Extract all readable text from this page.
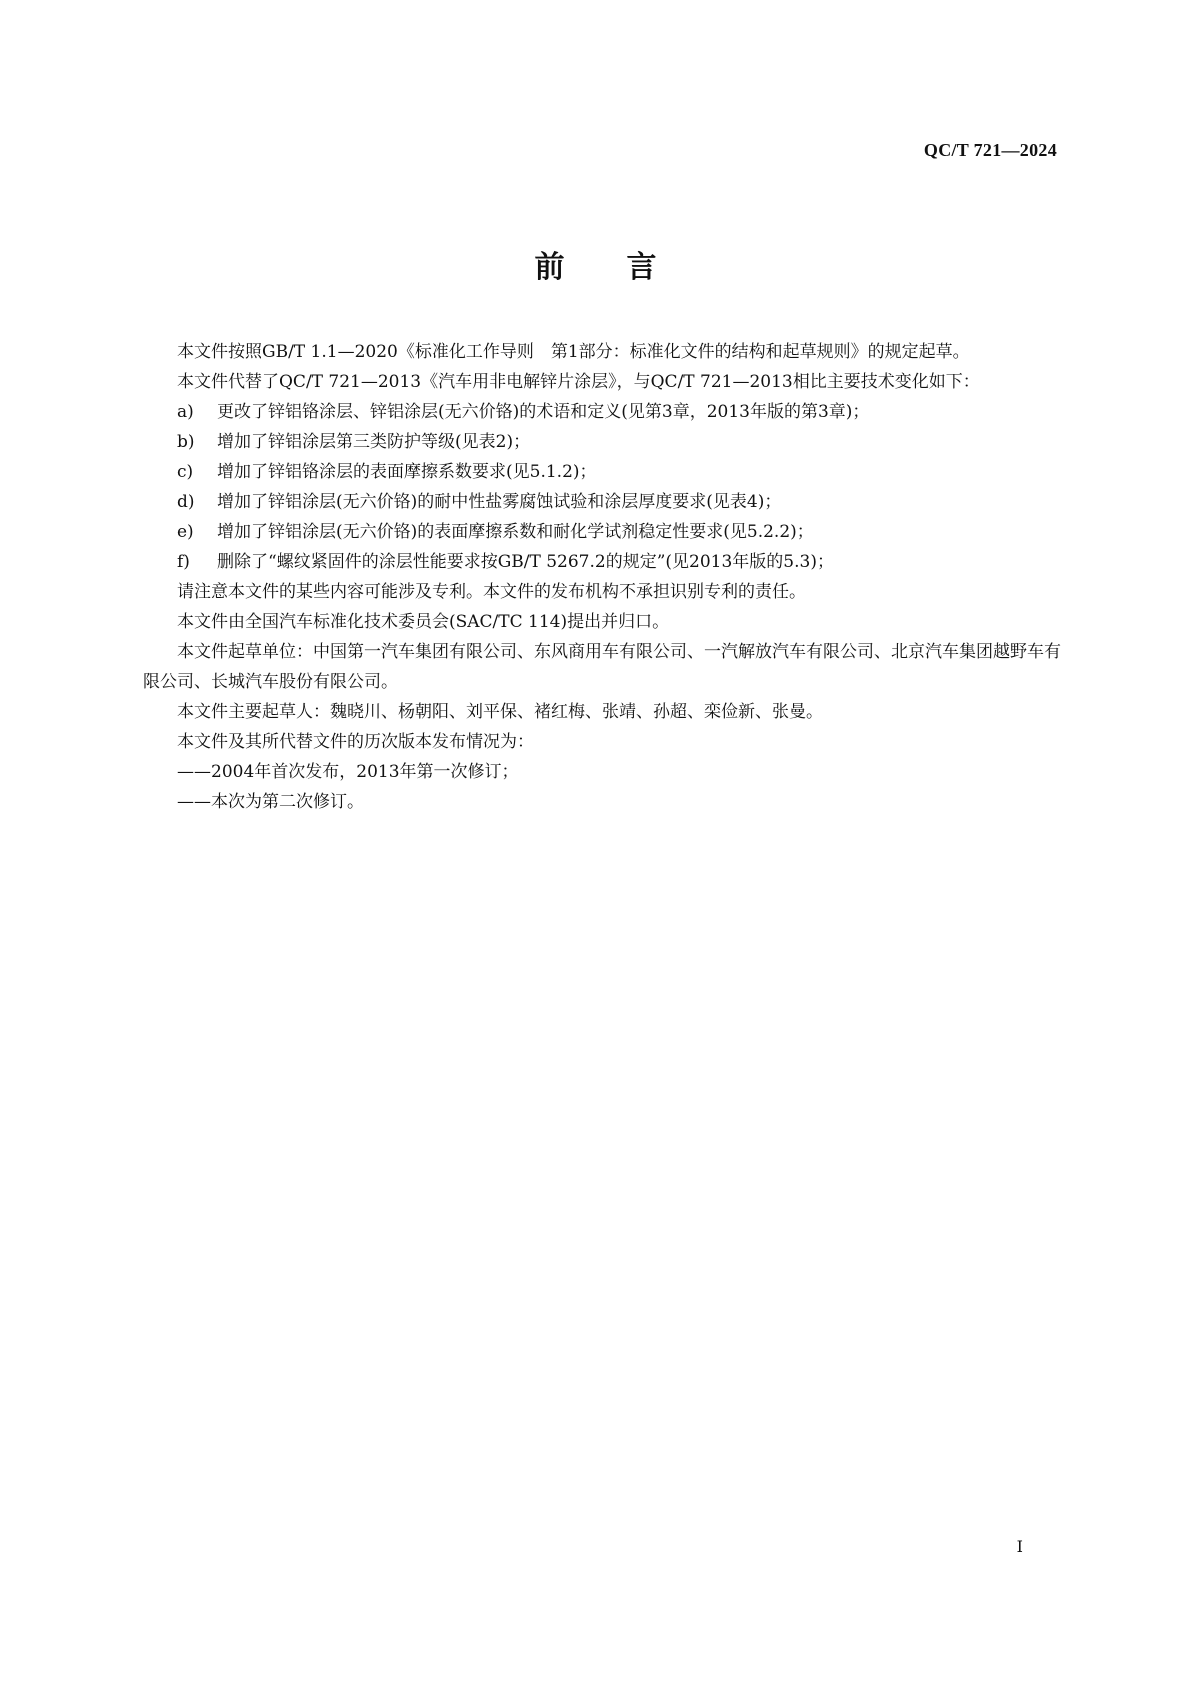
QC/T 721—2024
前 言

本文件按照GB/T 1.1—2020《标准化工作导则　第1部分：标准化文件的结构和起草规则》的规定起草。

本文件代替了QC/T 721—2013《汽车用非电解锌片涂层》，与QC/T 721—2013相比主要技术变化如下：

a)	更改了锌铝铬涂层、锌铝涂层(无六价铬)的术语和定义(见第3章，2013年版的第3章)；
b)	增加了锌铝涂层第三类防护等级(见表2)；
c)	增加了锌铝铬涂层的表面摩擦系数要求(见5.1.2)；
d)	增加了锌铝涂层(无六价铬)的耐中性盐雾腐蚀试验和涂层厚度要求(见表4)；
e)	增加了锌铝涂层(无六价铬)的表面摩擦系数和耐化学试剂稳定性要求(见5.2.2)；
f)	删除了“螺纹紧固件的涂层性能要求按GB/T 5267.2的规定”(见2013年版的5.3)；

请注意本文件的某些内容可能涉及专利。本文件的发布机构不承担识别专利的责任。

本文件由全国汽车标准化技术委员会(SAC/TC 114)提出并归口。

本文件起草单位：中国第一汽车集团有限公司、东风商用车有限公司、一汽解放汽车有限公司、北京汽车集团越野车有限公司、长城汽车股份有限公司。

本文件主要起草人：魏晓川、杨朝阳、刘平保、褚红梅、张靖、孙超、栾俭新、张曼。

本文件及其所代替文件的历次版本发布情况为：

——2004年首次发布，2013年第一次修订；

——本次为第二次修订。

I
